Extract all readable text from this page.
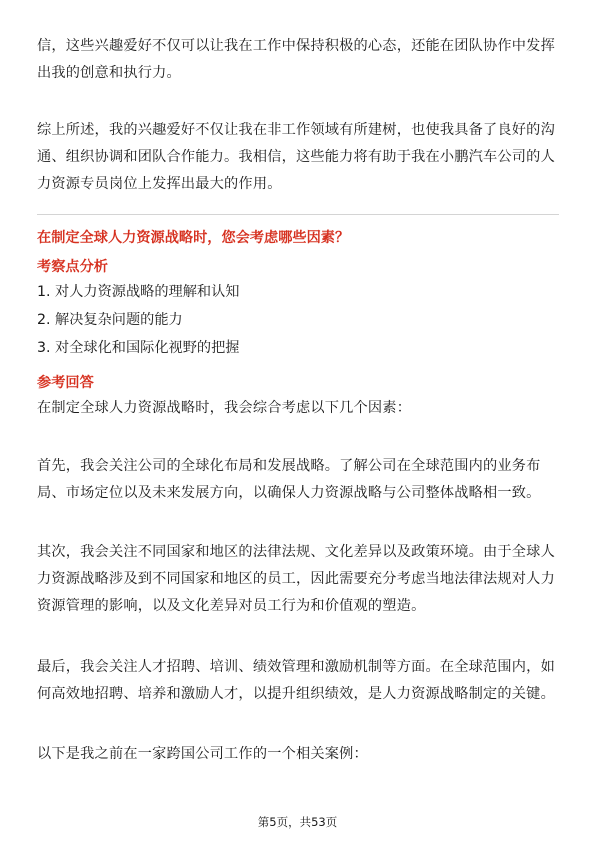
信，这些兴趣爱好不仅可以让我在工作中保持积极的心态，还能在团队协作中发挥出我的创意和执行力。

综上所述，我的兴趣爱好不仅让我在非工作领域有所建树，也使我具备了良好的沟通、组织协调和团队合作能力。我相信，这些能力将有助于我在小鹏汽车公司的人力资源专员岗位上发挥出最大的作用。

在制定全球人力资源战略时，您会考虑哪些因素？
考察点分析
1. 对人力资源战略的理解和认知
2. 解决复杂问题的能力
3. 对全球化和国际化视野的把握
参考回答

在制定全球人力资源战略时，我会综合考虑以下几个因素：

首先，我会关注公司的全球化布局和发展战略。了解公司在全球范围内的业务布局、市场定位以及未来发展方向，以确保人力资源战略与公司整体战略相一致。

其次，我会关注不同国家和地区的法律法规、文化差异以及政策环境。由于全球人力资源战略涉及到不同国家和地区的员工，因此需要充分考虑当地法律法规对人力资源管理的影响，以及文化差异对员工行为和价值观的塑造。

最后，我会关注人才招聘、培训、绩效管理和激励机制等方面。在全球范围内，如何高效地招聘、培养和激励人才，以提升组织绩效，是人力资源战略制定的关键。

以下是我之前在一家跨国公司工作的一个相关案例：

第5页，共53页
